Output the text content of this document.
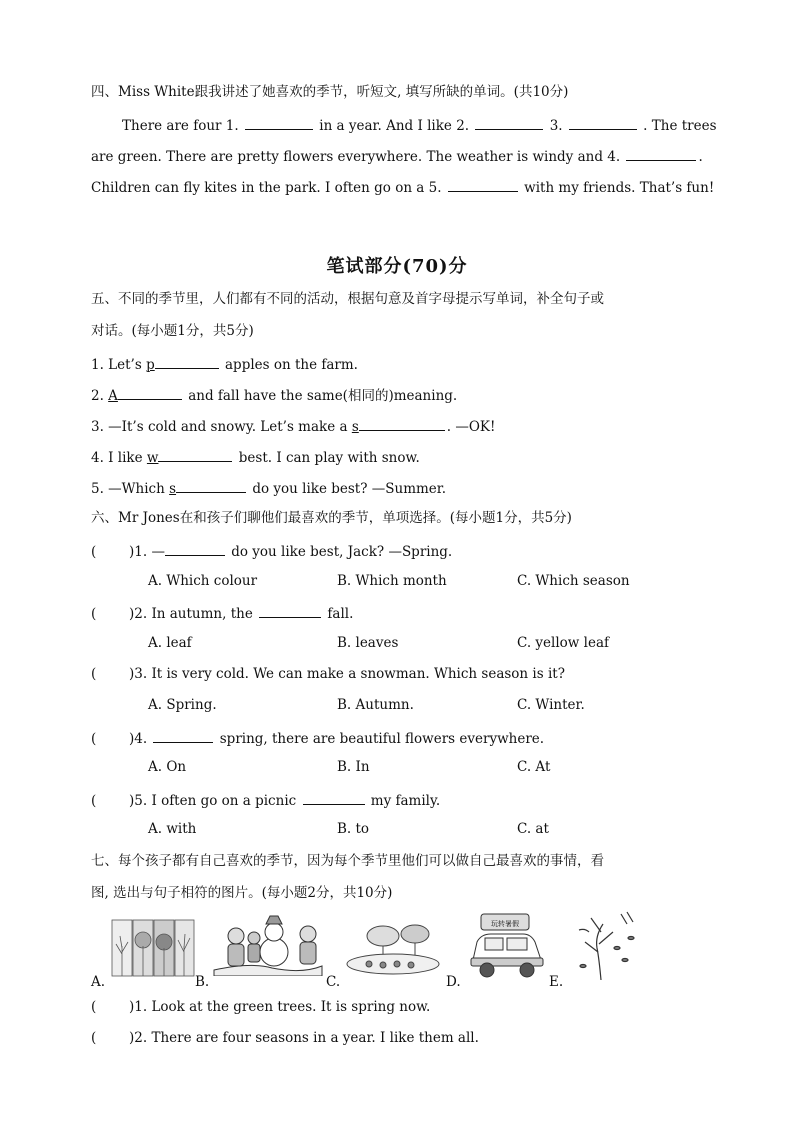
四、Miss White跟我讲述了她喜欢的季节，听短文, 填写所缺的单词。(共10分)
There are four 1.	in a year. And I like 2.	3.	. The trees
are green. There are pretty flowers everywhere. The weather is windy and 4.	.
Children can fly kites in the park. I often go on a 5.	with my friends. That’s fun!
笔试部分(70)分
五、不同的季节里，人们都有不同的活动，根据句意及首字母提示写单词，补全句子或
对话。(每小题1分，共5分)
1. Let’s p	apples on the farm.
2. A	and fall have the same(相同的)meaning.
3. —It’s cold and snowy. Let’s make a s	. —OK!
4. I like w	best. I can play with snow.
5. —Which s	do you like best? —Summer.
六、Mr Jones在和孩子们聊他们最喜欢的季节，单项选择。(每小题1分，共5分)
( )1. —	do you like best, Jack? —Spring.
A. Which colour	B. Which month	C. Which season
( )2. In autumn, the	fall.
A. leaf	B. leaves	C. yellow leaf
( )3. It is very cold. We can make a snowman. Which season is it?
A. Spring.	B. Autumn.	C. Winter.
( )4.	spring, there are beautiful flowers everywhere.
A. On	B. In	C. At
( )5. I often go on a picnic	my family.
A. with	B. to	C. at
七、每个孩子都有自己喜欢的季节，因为每个季节里他们可以做自己最喜欢的事情，看
图, 选出与句子相符的图片。(每小题2分，共10分)
A.	B.	C.	D.	E.
玩转暑假
( )1. Look at the green trees. It is spring now.
( )2. There are four seasons in a year. I like them all.
